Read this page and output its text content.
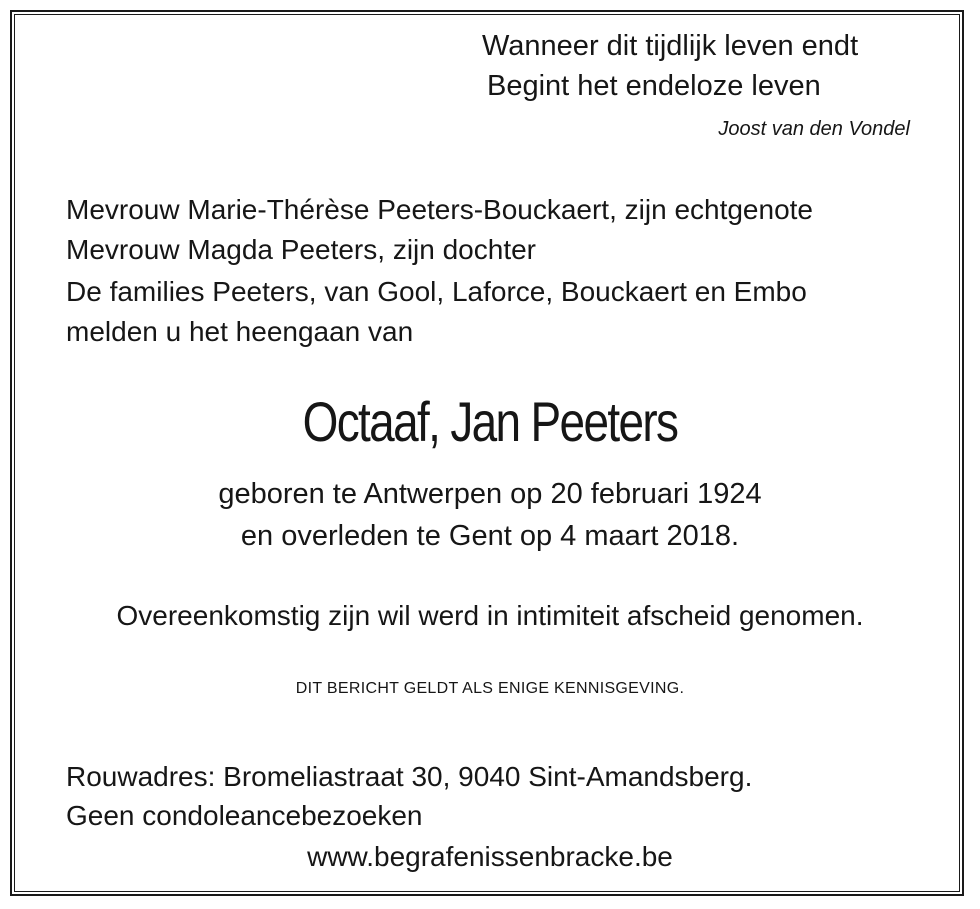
Wanneer dit tijdlijk leven endt

Begint het endeloze leven

Joost van den Vondel

Mevrouw Marie-Thérèse Peeters-Bouckaert, zijn echtgenote

Mevrouw Magda Peeters, zijn dochter

De families Peeters, van Gool, Laforce, Bouckaert en Embo

melden u het heengaan van

Octaaf, Jan Peeters

geboren te Antwerpen op 20 februari 1924

en overleden te Gent op 4 maart 2018.

Overeenkomstig zijn wil werd in intimiteit afscheid genomen.

DIT BERICHT GELDT ALS ENIGE KENNISGEVING.

Rouwadres: Bromeliastraat 30, 9040 Sint-Amandsberg.

Geen condoleancebezoeken

www.begrafenissenbracke.be
